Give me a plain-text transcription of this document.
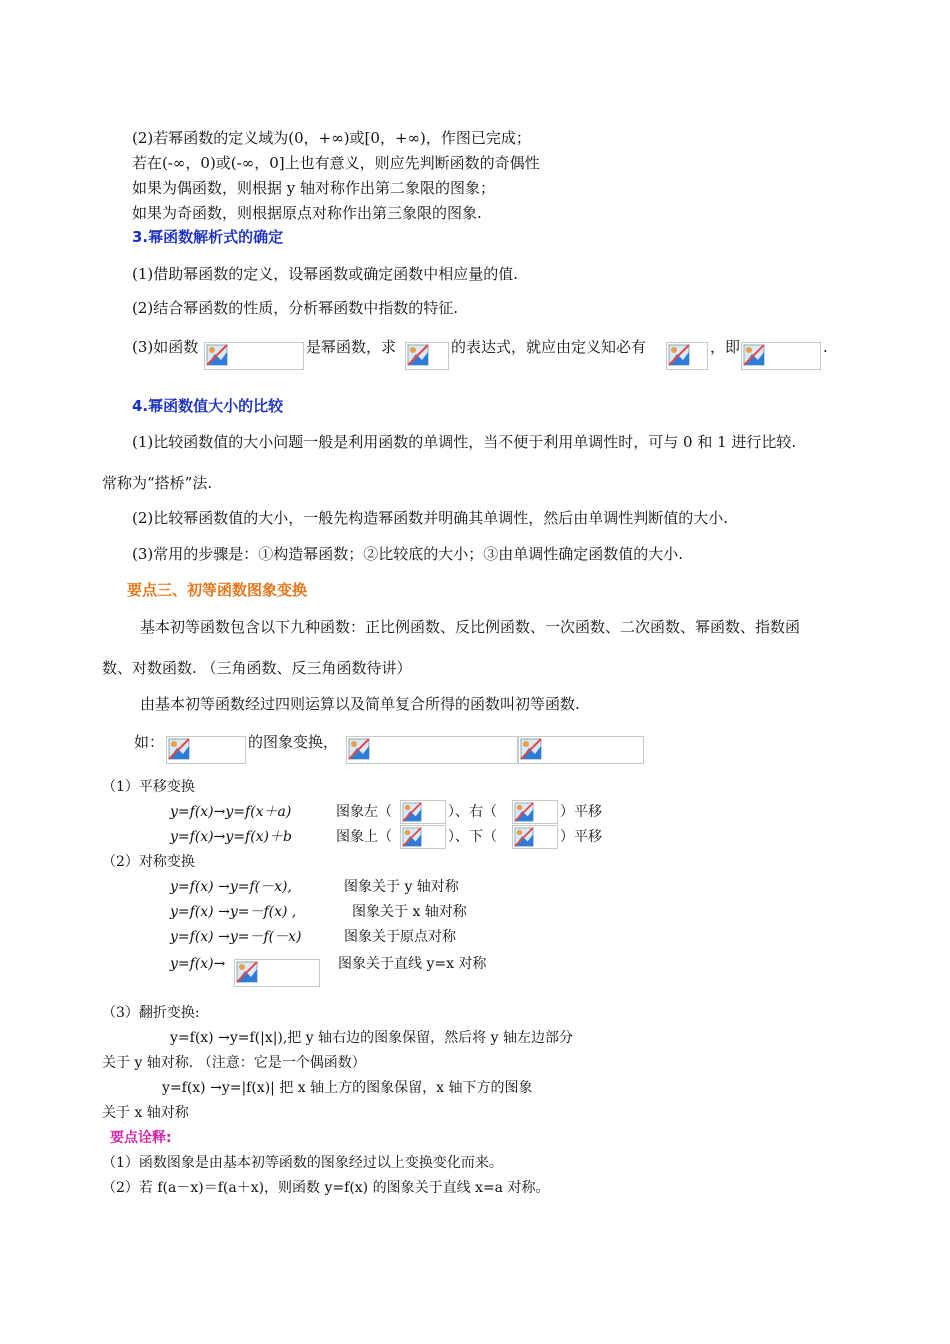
(2)若幂函数的定义域为(0，+∞)或[0，+∞)，作图已完成；
若在(-∞，0)或(-∞，0]上也有意义，则应先判断函数的奇偶性
如果为偶函数，则根据 y 轴对称作出第二象限的图象；
如果为奇函数，则根据原点对称作出第三象限的图象.
3.幂函数解析式的确定
(1)借助幂函数的定义，设幂函数或确定函数中相应量的值.
(2)结合幂函数的性质，分析幂函数中指数的特征.
(3)如函数	是幂函数，求	的表达式，就应由定义知必有	，即	.
4.幂函数值大小的比较
(1)比较函数值的大小问题一般是利用函数的单调性，当不便于利用单调性时，可与 0 和 1 进行比较.
常称为“搭桥”法.
(2)比较幂函数值的大小，一般先构造幂函数并明确其单调性，然后由单调性判断值的大小.
(3)常用的步骤是：①构造幂函数；②比较底的大小；③由单调性确定函数值的大小.
要点三、初等函数图象变换
基本初等函数包含以下九种函数：正比例函数、反比例函数、一次函数、二次函数、幂函数、指数函
数、对数函数. （三角函数、反三角函数待讲）
由基本初等函数经过四则运算以及简单复合所得的函数叫初等函数.
如：	的图象变换，
（1）平移变换
y=f(x)→y=f(x＋a)	图象左（	）、右（	）平移
y=f(x)→y=f(x)＋b	图象上（	）、下（	）平移
（2）对称变换
y=f(x) →y=f(－x),	图象关于 y 轴对称
y=f(x) →y=－f(x) ,	图象关于 x 轴对称
y=f(x) →y=－f(－x)	图象关于原点对称
y=f(x)→	图象关于直线 y=x 对称
（3）翻折变换:
y=f(x) →y=f(|x|),把 y 轴右边的图象保留，然后将 y 轴左边部分
关于 y 轴对称. （注意：它是一个偶函数）
y=f(x) →y=|f(x)| 把 x 轴上方的图象保留，x 轴下方的图象
关于 x 轴对称
要点诠释:
（1）函数图象是由基本初等函数的图象经过以上变换变化而来。
（2）若 f(a－x)＝f(a＋x)，则函数 y=f(x) 的图象关于直线 x=a 对称。
